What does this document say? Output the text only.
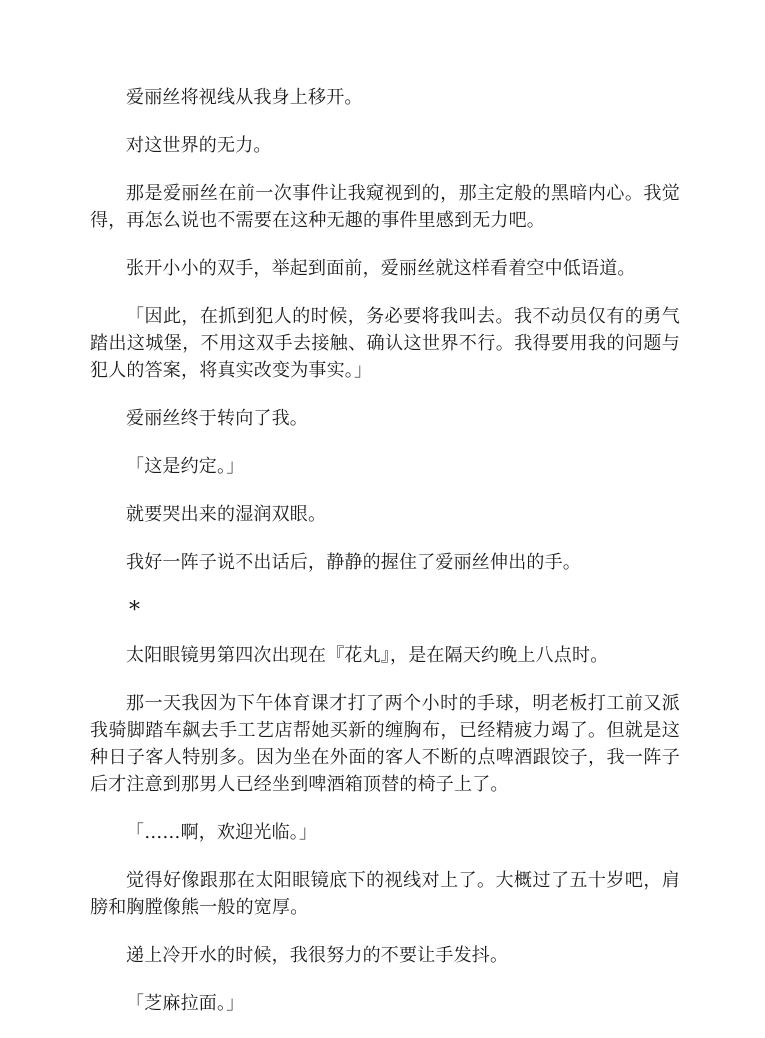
爱丽丝将视线从我身上移开。

对这世界的无力。

那是爱丽丝在前一次事件让我窥视到的，那主定般的黑暗内心。我觉得，再怎么说也不需要在这种无趣的事件里感到无力吧。

张开小小的双手，举起到面前，爱丽丝就这样看着空中低语道。

「因此，在抓到犯人的时候，务必要将我叫去。我不动员仅有的勇气踏出这城堡，不用这双手去接触、确认这世界不行。我得要用我的问题与犯人的答案，将真实改变为事实。」

爱丽丝终于转向了我。

「这是约定。」

就要哭出来的湿润双眼。

我好一阵子说不出话后，静静的握住了爱丽丝伸出的手。

*

太阳眼镜男第四次出现在『花丸』，是在隔天约晚上八点时。

那一天我因为下午体育课才打了两个小时的手球，明老板打工前又派我骑脚踏车飙去手工艺店帮她买新的缠胸布，已经精疲力竭了。但就是这种日子客人特别多。因为坐在外面的客人不断的点啤酒跟饺子，我一阵子后才注意到那男人已经坐到啤酒箱顶替的椅子上了。

「……啊，欢迎光临。」

觉得好像跟那在太阳眼镜底下的视线对上了。大概过了五十岁吧，肩膀和胸膛像熊一般的宽厚。

递上冷开水的时候，我很努力的不要让手发抖。

「芝麻拉面。」
